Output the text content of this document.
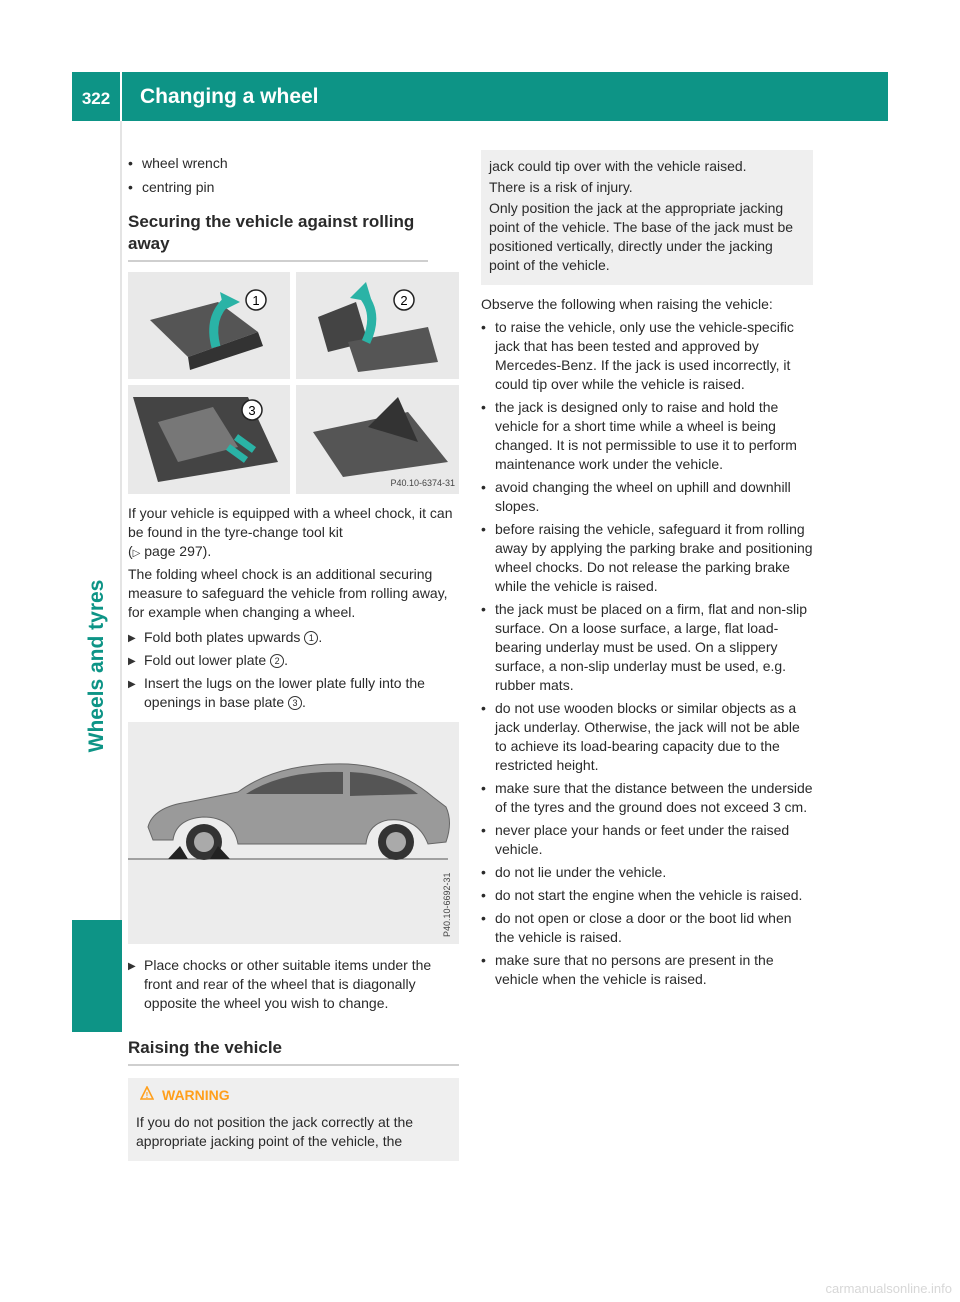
322	Changing a wheel
Wheels and tyres
• wheel wrench
• centring pin
Securing the vehicle against rolling away
1	2
3
P40.10-6374-31

If your vehicle is equipped with a wheel chock, it can be found in the tyre-change tool kit
(▷ page 297).

The folding wheel chock is an additional securing measure to safeguard the vehicle from rolling away, for example when changing a wheel.

▶ Fold both plates upwards 1 .
▶ Fold out lower plate 2 .
▶ Insert the lugs on the lower plate fully into the openings in base plate 3 .
P40.10-6692-31
▶ Place chocks or other suitable items under the front and rear of the wheel that is diagonally opposite the wheel you wish to change.
Raising the vehicle
! WARNING
If you do not position the jack correctly at the appropriate jacking point of the vehicle, the
jack could tip over with the vehicle raised.
There is a risk of injury.
Only position the jack at the appropriate jacking point of the vehicle. The base of the jack must be positioned vertically, directly under the jacking point of the vehicle.

Observe the following when raising the vehicle:

• to raise the vehicle, only use the vehicle-specific jack that has been tested and approved by Mercedes-Benz. If the jack is used incorrectly, it could tip over while the vehicle is raised.
• the jack is designed only to raise and hold the vehicle for a short time while a wheel is being changed. It is not permissible to use it to perform maintenance work under the vehicle.
• avoid changing the wheel on uphill and downhill slopes.
• before raising the vehicle, safeguard it from rolling away by applying the parking brake and positioning wheel chocks. Do not release the parking brake while the vehicle is raised.
• the jack must be placed on a firm, flat and non-slip surface. On a loose surface, a large, flat load-bearing underlay must be used. On a slippery surface, a non-slip underlay must be used, e.g. rubber mats.
• do not use wooden blocks or similar objects as a jack underlay. Otherwise, the jack will not be able to achieve its load-bearing capacity due to the restricted height.
• make sure that the distance between the underside of the tyres and the ground does not exceed 3 cm.
• never place your hands or feet under the raised vehicle.
• do not lie under the vehicle.
• do not start the engine when the vehicle is raised.
• do not open or close a door or the boot lid when the vehicle is raised.
• make sure that no persons are present in the vehicle when the vehicle is raised.
carmanualsonline.info
